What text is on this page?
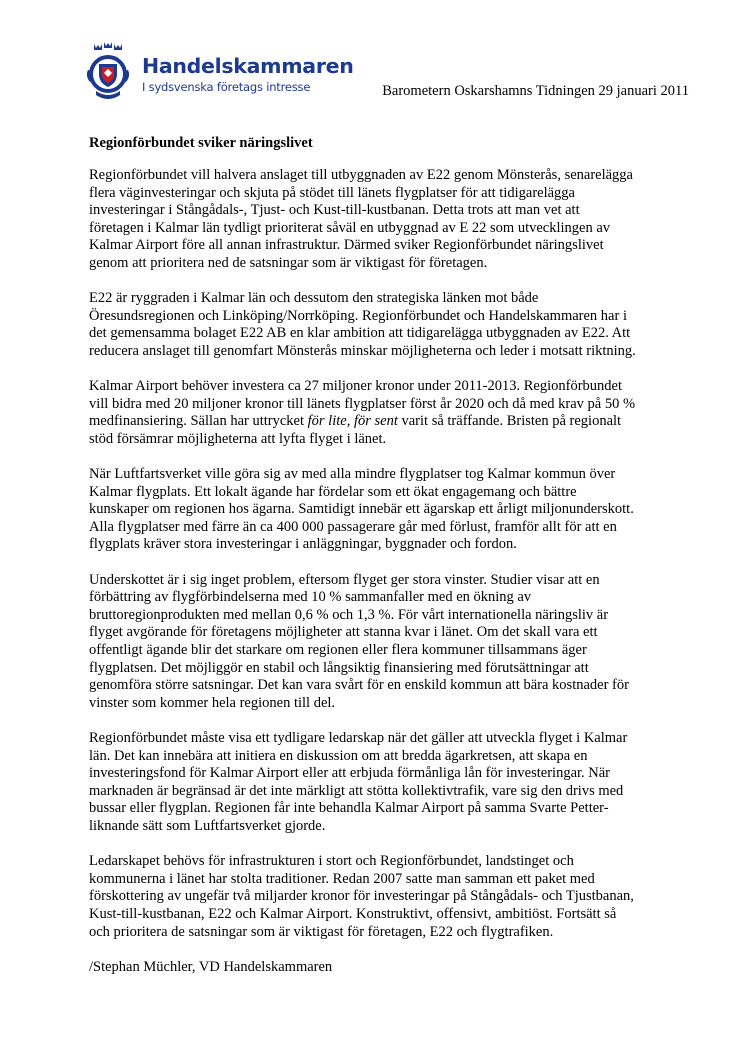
Handelskammaren
I sydsvenska företags intresse	Barometern Oskarshamns Tidningen 29 januari 2011
Regionförbundet sviker näringslivet
Regionförbundet vill halvera anslaget till utbyggnaden av E22 genom Mönsterås, senarelägga
flera väginvesteringar och skjuta på stödet till länets flygplatser för att tidigarelägga
investeringar i Stångådals-, Tjust- och Kust-till-kustbanan. Detta trots att man vet att
företagen i Kalmar län tydligt prioriterat såväl en utbyggnad av E 22 som utvecklingen av
Kalmar Airport före all annan infrastruktur. Därmed sviker Regionförbundet näringslivet
genom att prioritera ned de satsningar som är viktigast för företagen.
E22 är ryggraden i Kalmar län och dessutom den strategiska länken mot både
Öresundsregionen och Linköping/Norrköping. Regionförbundet och Handelskammaren har i
det gemensamma bolaget E22 AB en klar ambition att tidigarelägga utbyggnaden av E22. Att
reducera anslaget till genomfart Mönsterås minskar möjligheterna och leder i motsatt riktning.
Kalmar Airport behöver investera ca 27 miljoner kronor under 2011-2013. Regionförbundet
vill bidra med 20 miljoner kronor till länets flygplatser först år 2020 och då med krav på 50 %
medfinansiering. Sällan har uttrycket för lite, för sent varit så träffande. Bristen på regionalt
stöd försämrar möjligheterna att lyfta flyget i länet.
När Luftfartsverket ville göra sig av med alla mindre flygplatser tog Kalmar kommun över
Kalmar flygplats. Ett lokalt ägande har fördelar som ett ökat engagemang och bättre
kunskaper om regionen hos ägarna. Samtidigt innebär ett ägarskap ett årligt miljonunderskott.
Alla flygplatser med färre än ca 400 000 passagerare går med förlust, framför allt för att en
flygplats kräver stora investeringar i anläggningar, byggnader och fordon.
Underskottet är i sig inget problem, eftersom flyget ger stora vinster. Studier visar att en
förbättring av flygförbindelserna med 10 % sammanfaller med en ökning av
bruttoregionprodukten med mellan 0,6 % och 1,3 %. För vårt internationella näringsliv är
flyget avgörande för företagens möjligheter att stanna kvar i länet. Om det skall vara ett
offentligt ägande blir det starkare om regionen eller flera kommuner tillsammans äger
flygplatsen. Det möjliggör en stabil och långsiktig finansiering med förutsättningar att
genomföra större satsningar. Det kan vara svårt för en enskild kommun att bära kostnader för
vinster som kommer hela regionen till del.
Regionförbundet måste visa ett tydligare ledarskap när det gäller att utveckla flyget i Kalmar
län. Det kan innebära att initiera en diskussion om att bredda ägarkretsen, att skapa en
investeringsfond för Kalmar Airport eller att erbjuda förmånliga lån för investeringar. När
marknaden är begränsad är det inte märkligt att stötta kollektivtrafik, vare sig den drivs med
bussar eller flygplan. Regionen får inte behandla Kalmar Airport på samma Svarte Petter-
liknande sätt som Luftfartsverket gjorde.
Ledarskapet behövs för infrastrukturen i stort och Regionförbundet, landstinget och
kommunerna i länet har stolta traditioner. Redan 2007 satte man samman ett paket med
förskottering av ungefär två miljarder kronor för investeringar på Stångådals- och Tjustbanan,
Kust-till-kustbanan, E22 och Kalmar Airport. Konstruktivt, offensivt, ambitiöst. Fortsätt så
och prioritera de satsningar som är viktigast för företagen, E22 och flygtrafiken.
/Stephan Müchler, VD Handelskammaren
